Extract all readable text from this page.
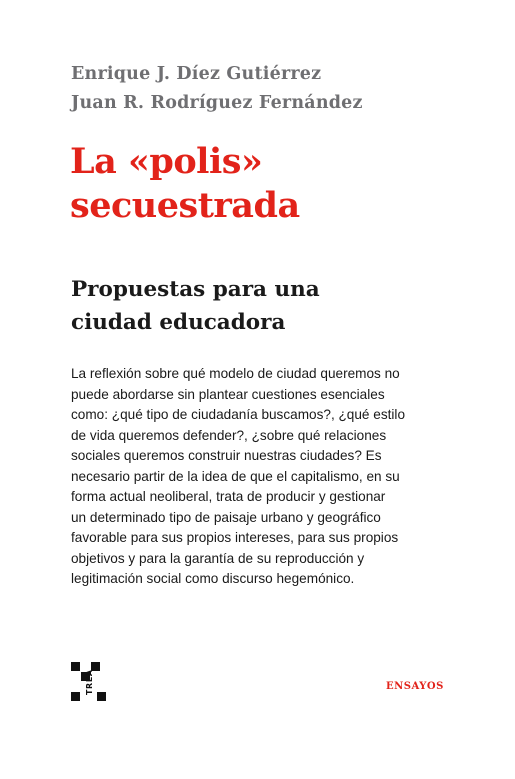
Enrique J. Díez Gutiérrez
Juan R. Rodríguez Fernández
La «polis»
secuestrada
Propuestas para una
ciudad educadora
La reflexión sobre qué modelo de ciudad queremos no
puede abordarse sin plantear cuestiones esenciales
como: ¿qué tipo de ciudadanía buscamos?, ¿qué estilo
de vida queremos defender?, ¿sobre qué relaciones
sociales queremos construir nuestras ciudades? Es
necesario partir de la idea de que el capitalismo, en su
forma actual neoliberal, trata de producir y gestionar
un determinado tipo de paisaje urbano y geográfico
favorable para sus propios intereses, para sus propios
objetivos y para la garantía de su reproducción y
legitimación social como discurso hegemónico.
TREA	ENSAYOS
